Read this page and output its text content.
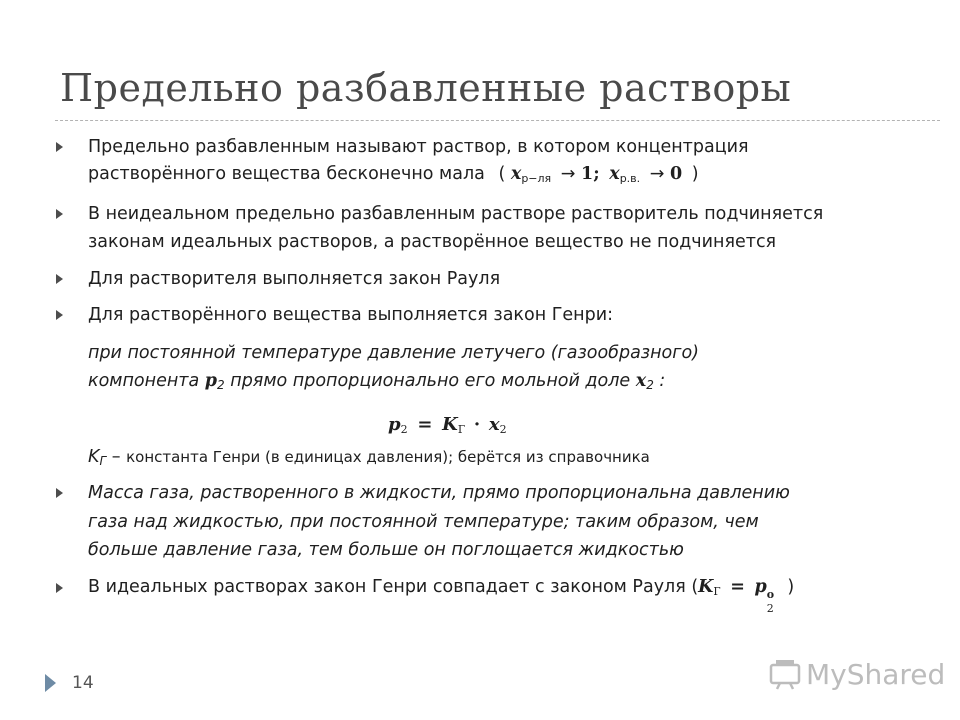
Предельно разбавленные растворы
Предельно разбавленным называют раствор, в котором концентрация
растворённого вещества бесконечно мала ( $x_{р-ля} \to 1$; $x_{р.в.} \to 0$ )
В неидеальном предельно разбавленным растворе растворитель подчиняется
законам идеальных растворов, а растворённое вещество не подчиняется
Для растворителя выполняется закон Рауля
Для растворённого вещества выполняется закон Генри:
при постоянной температуре давление летучего (газообразного)
компонента p2 прямо пропорционально его мольной доле x2 :
$p_2 = K_Г \cdot x_2$
KГ – константа Генри (в единицах давления); берётся из справочника
Масса газа, растворенного в жидкости, прямо пропорциональна давлению
газа над жидкостью, при постоянной температуре; таким образом, чем
больше давление газа, тем больше он поглощается жидкостью
В идеальных растворах закон Генри совпадает с законом Рауля ($K_Г = p$ o
2
)
14	MyShared
